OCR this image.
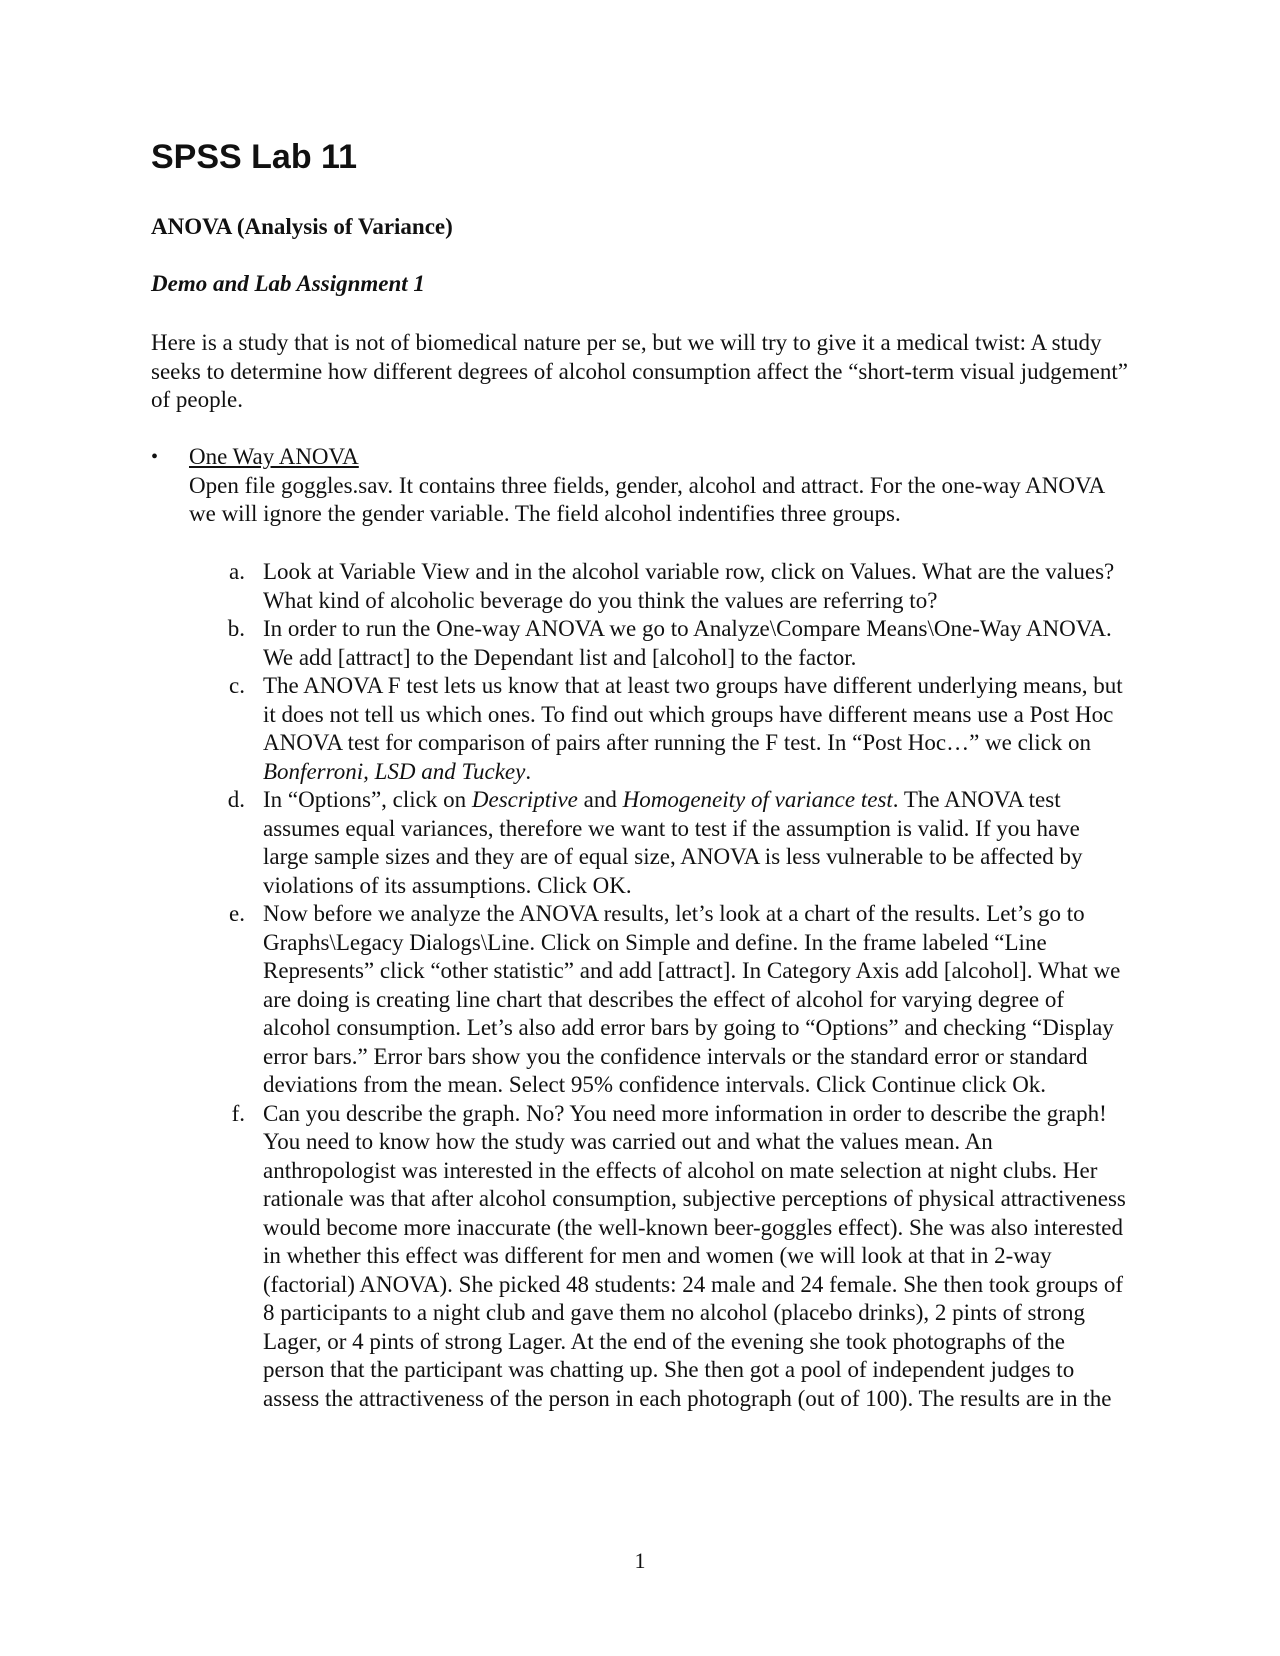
SPSS Lab 11
ANOVA (Analysis of Variance)
Demo and Lab Assignment 1

Here is a study that is not of biomedical nature per se, but we will try to give it a medical twist: A study seeks to determine how different degrees of alcohol consumption affect the “short-term visual judgement” of people.

• One Way ANOVA
Open file goggles.sav. It contains three fields, gender, alcohol and attract. For the one-way ANOVA we will ignore the gender variable. The field alcohol indentifies three groups.
a. Look at Variable View and in the alcohol variable row, click on Values. What are the values? What kind of alcoholic beverage do you think the values are referring to?
b. In order to run the One-way ANOVA we go to Analyze\Compare Means\One-Way ANOVA. We add [attract] to the Dependant list and [alcohol] to the factor.
c. The ANOVA F test lets us know that at least two groups have different underlying means, but it does not tell us which ones. To find out which groups have different means use a Post Hoc ANOVA test for comparison of pairs after running the F test. In “Post Hoc…” we click on Bonferroni, LSD and Tuckey.
d. In “Options”, click on Descriptive and Homogeneity of variance test. The ANOVA test assumes equal variances, therefore we want to test if the assumption is valid. If you have large sample sizes and they are of equal size, ANOVA is less vulnerable to be affected by violations of its assumptions. Click OK.
e. Now before we analyze the ANOVA results, let’s look at a chart of the results. Let’s go to Graphs\Legacy Dialogs\Line. Click on Simple and define. In the frame labeled “Line Represents” click “other statistic” and add [attract]. In Category Axis add [alcohol]. What we are doing is creating line chart that describes the effect of alcohol for varying degree of alcohol consumption. Let’s also add error bars by going to “Options” and checking “Display error bars.” Error bars show you the confidence intervals or the standard error or standard deviations from the mean. Select 95% confidence intervals. Click Continue click Ok.
f. Can you describe the graph. No? You need more information in order to describe the graph! You need to know how the study was carried out and what the values mean. An anthropologist was interested in the effects of alcohol on mate selection at night clubs. Her rationale was that after alcohol consumption, subjective perceptions of physical attractiveness would become more inaccurate (the well-known beer-goggles effect). She was also interested in whether this effect was different for men and women (we will look at that in 2-way (factorial) ANOVA). She picked 48 students: 24 male and 24 female. She then took groups of 8 participants to a night club and gave them no alcohol (placebo drinks), 2 pints of strong Lager, or 4 pints of strong Lager. At the end of the evening she took photographs of the person that the participant was chatting up. She then got a pool of independent judges to assess the attractiveness of the person in each photograph (out of 100). The results are in the
1
